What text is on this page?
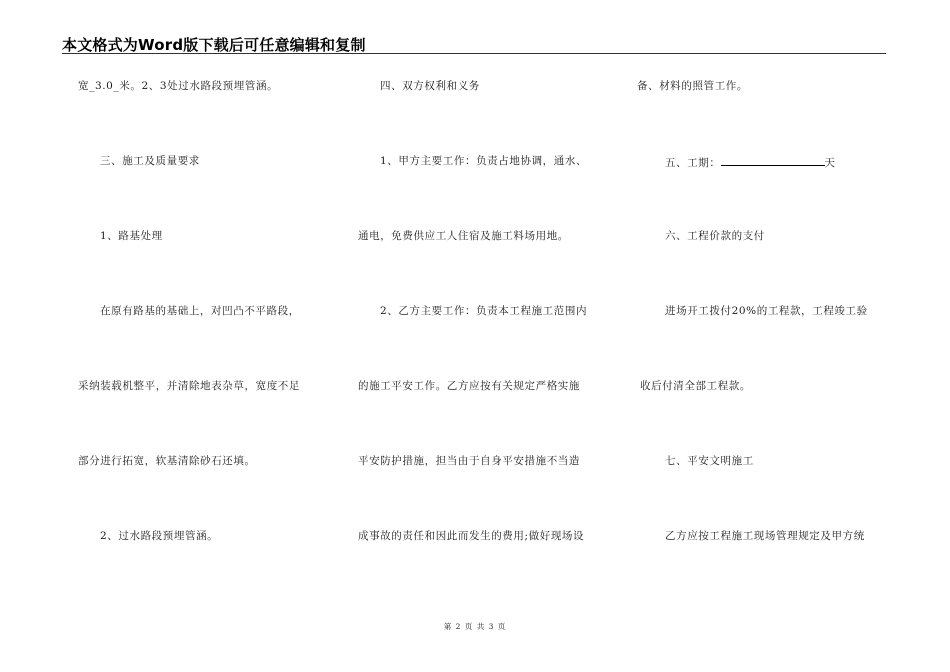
本文格式为Word版下载后可任意编辑和复制
宽_3.0_米。2、3处过水路段预埋管涵。
三、施工及质量要求
1、路基处理
在原有路基的基础上，对凹凸不平路段，
采纳装载机整平，并清除地表杂草，宽度不足
部分进行拓宽，软基清除砂石还填。
2、过水路段预埋管涵。
四、双方权利和义务
1、甲方主要工作：负责占地协调，通水、
通电，免费供应工人住宿及施工料场用地。
2、乙方主要工作：负责本工程施工范围内
的施工平安工作。乙方应按有关规定严格实施
平安防护措施，担当由于自身平安措施不当造
成事故的责任和因此而发生的费用;做好现场设
备、材料的照管工作。
五、工期：	天
六、工程价款的支付
进场开工拨付20%的工程款，工程竣工验
收后付清全部工程款。
七、平安文明施工
乙方应按工程施工现场管理规定及甲方统
第 2 页 共 3 页
